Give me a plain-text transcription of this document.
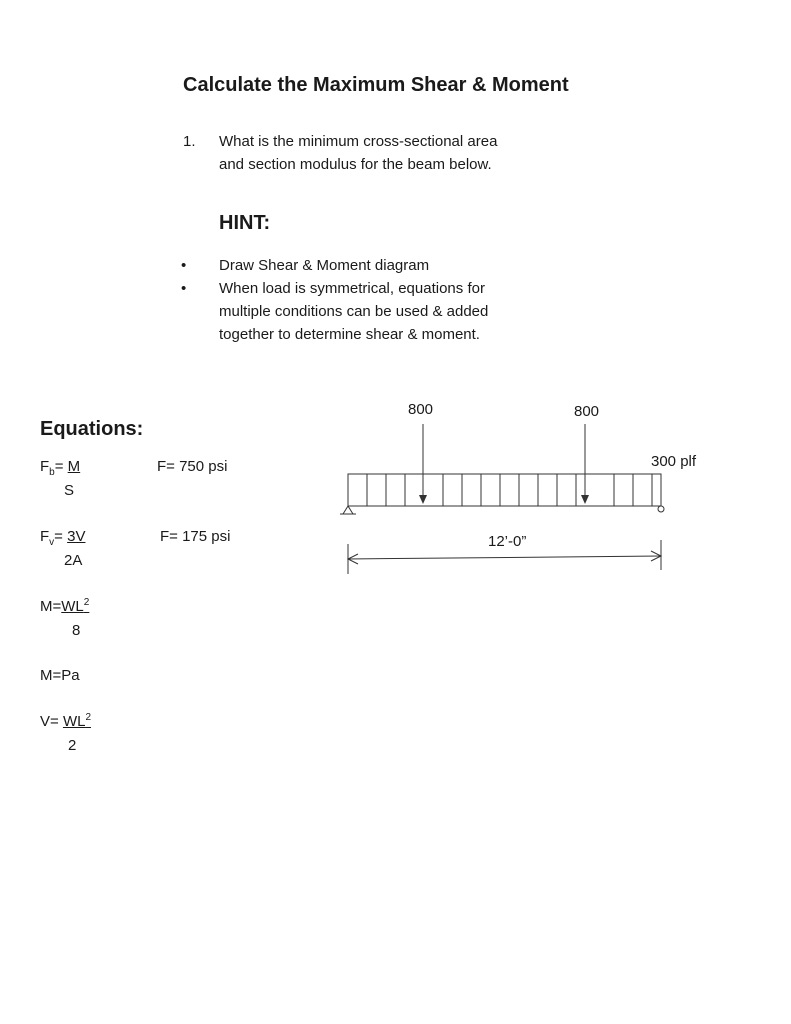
Calculate the Maximum Shear & Moment
1. What is the minimum cross-sectional area
and section modulus for the beam below.
HINT:
• Draw Shear & Moment diagram
• When load is symmetrical, equations for
multiple conditions can be used & added
together to determine shear & moment.
Equations:
$F_b= M$
S
F= 750 psi
$F_v= 3V$
2A
F= 175 psi
$M=WL^2$
8
M=Pa
$V= WL^2$
2
800	800
300 plf
12’-0”
